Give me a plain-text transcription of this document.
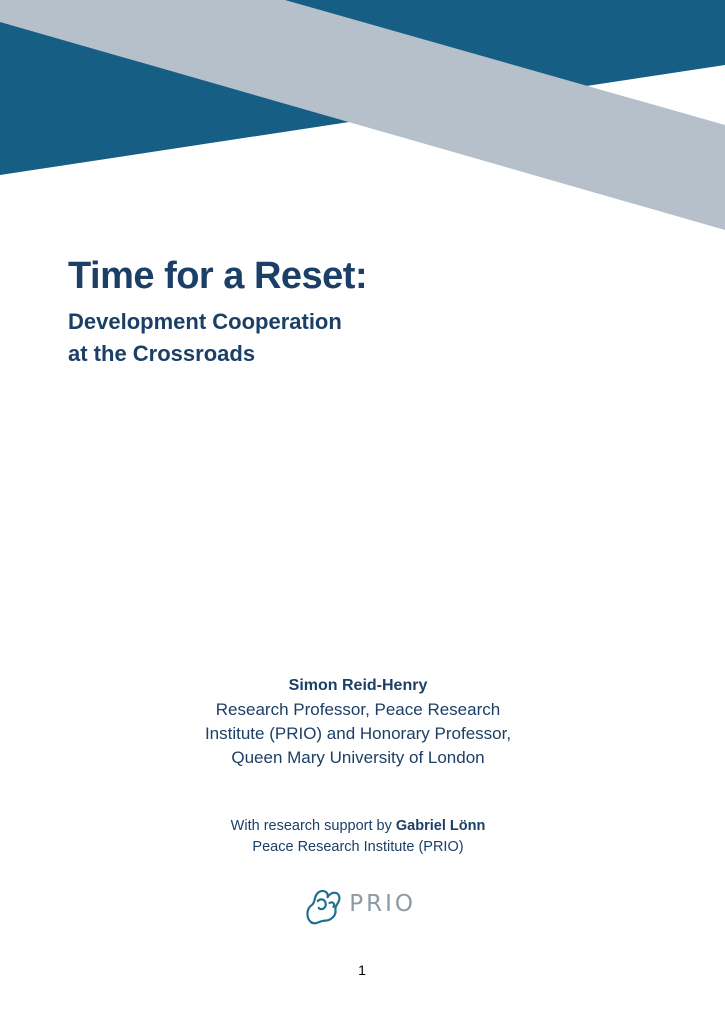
Time for a Reset:
Development Cooperation
at the Crossroads
Simon Reid-Henry
Research Professor, Peace Research Institute (PRIO) and Honorary Professor, Queen Mary University of London
With research support by Gabriel Lönn
Peace Research Institute (PRIO)
PRIO
1
